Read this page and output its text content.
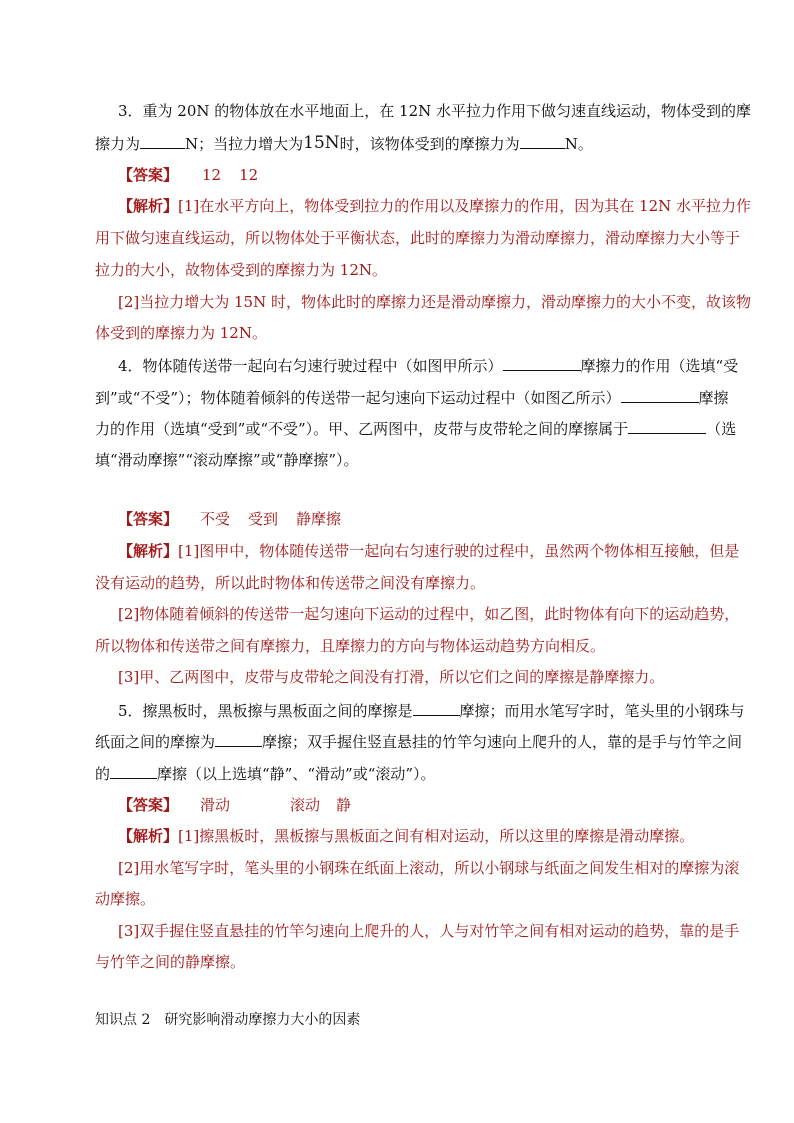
3．重为 20N 的物体放在水平地面上，在 12N 水平拉力作用下做匀速直线运动，物体受到的摩
擦力为	N；当拉力增大为15N时，该物体受到的摩擦力为	N。
【答案】 12 12
【解析】[1]在水平方向上，物体受到拉力的作用以及摩擦力的作用，因为其在 12N 水平拉力作
用下做匀速直线运动，所以物体处于平衡状态，此时的摩擦力为滑动摩擦力，滑动摩擦力大小等于
拉力的大小，故物体受到的摩擦力为 12N。
[2]当拉力增大为 15N 时，物体此时的摩擦力还是滑动摩擦力，滑动摩擦力的大小不变，故该物
体受到的摩擦力为 12N。
4．物体随传送带一起向右匀速行驶过程中（如图甲所示）	摩擦力的作用（选填“受
到”或“不受”）；物体随着倾斜的传送带一起匀速向下运动过程中（如图乙所示）	摩擦
力的作用（选填“受到”或“不受”）。甲、乙两图中，皮带与皮带轮之间的摩擦属于	（选
填“滑动摩擦”“滚动摩擦”或“静摩擦”）。
【答案】 不受 受到 静摩擦
【解析】[1]图甲中，物体随传送带一起向右匀速行驶的过程中，虽然两个物体相互接触，但是
没有运动的趋势，所以此时物体和传送带之间没有摩擦力。
[2]物体随着倾斜的传送带一起匀速向下运动的过程中，如乙图，此时物体有向下的运动趋势，
所以物体和传送带之间有摩擦力，且摩擦力的方向与物体运动趋势方向相反。
[3]甲、乙两图中，皮带与皮带轮之间没有打滑，所以它们之间的摩擦是静摩擦力。
5．擦黑板时，黑板擦与黑板面之间的摩擦是	摩擦；而用水笔写字时，笔头里的小钢珠与
纸面之间的摩擦为	摩擦；双手握住竖直悬挂的竹竿匀速向上爬升的人，靠的是手与竹竿之间
的	摩擦（以上选填“静”、“滑动”或“滚动”）。
【答案】 滑动	滚动 静
【解析】[1]擦黑板时，黑板擦与黑板面之间有相对运动，所以这里的摩擦是滑动摩擦。
[2]用水笔写字时，笔头里的小钢珠在纸面上滚动，所以小钢球与纸面之间发生相对的摩擦为滚
动摩擦。
[3]双手握住竖直悬挂的竹竿匀速向上爬升的人，人与对竹竿之间有相对运动的趋势，靠的是手
与竹竿之间的静摩擦。
知识点 2 研究影响滑动摩擦力大小的因素
